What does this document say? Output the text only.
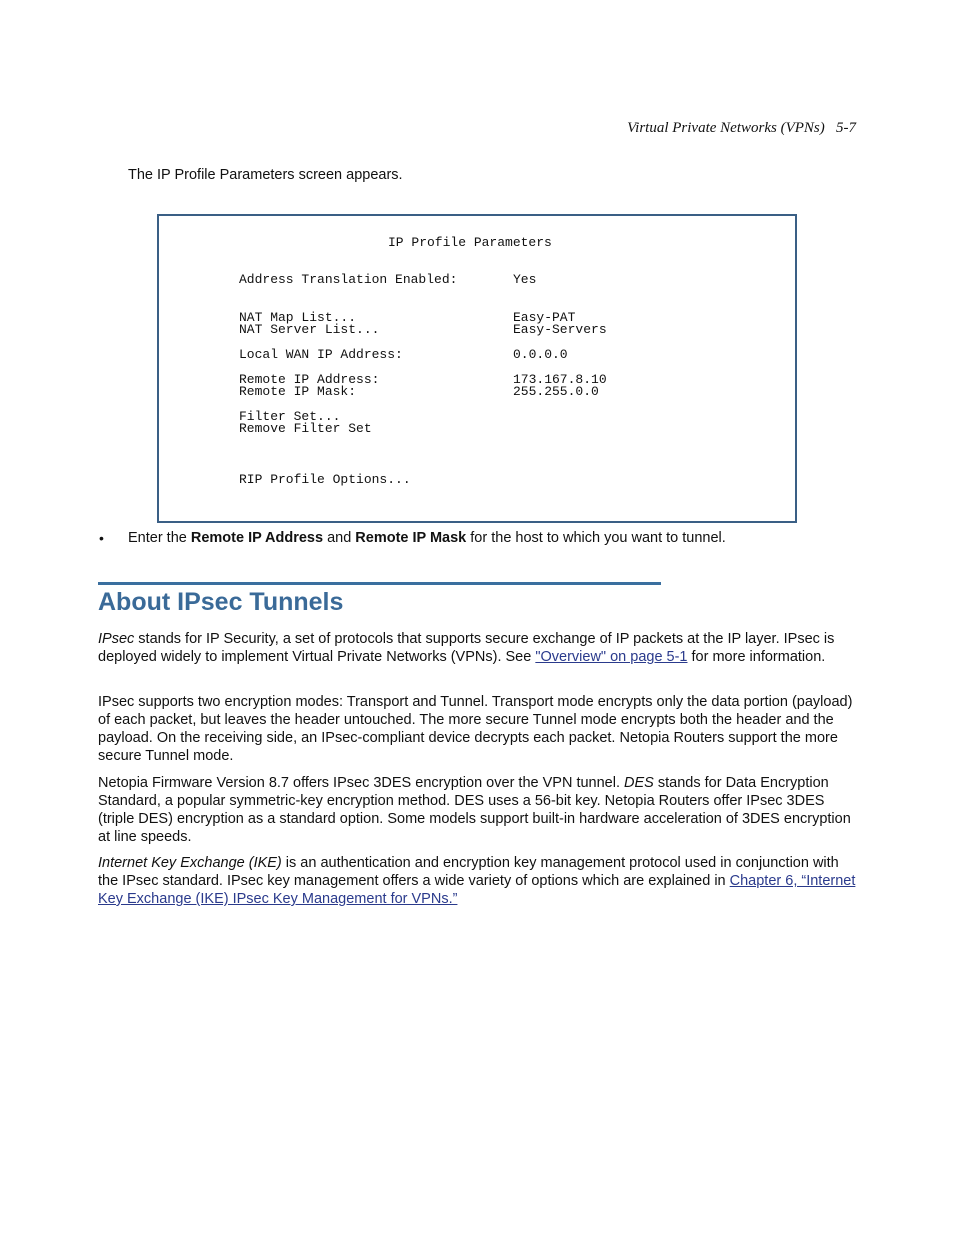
Virtual Private Networks (VPNs)   5-7
The IP Profile Parameters screen appears.
IP Profile Parameters
Address Translation Enabled:	Yes
NAT Map List...	Easy-PAT
NAT Server List...	Easy-Servers
Local WAN IP Address:	0.0.0.0
Remote IP Address:	173.167.8.10
Remote IP Mask:	255.255.0.0
Filter Set...
Remove Filter Set
RIP Profile Options...
• Enter the Remote IP Address and Remote IP Mask for the host to which you want to tunnel.
About IPsec Tunnels

IPsec stands for IP Security, a set of protocols that supports secure exchange of IP packets at the IP layer. IPsec is deployed widely to implement Virtual Private Networks (VPNs). See "Overview" on page 5-1 for more information.

IPsec supports two encryption modes: Transport and Tunnel. Transport mode encrypts only the data portion (payload) of each packet, but leaves the header untouched. The more secure Tunnel mode encrypts both the header and the payload. On the receiving side, an IPsec-compliant device decrypts each packet. Netopia Routers support the more secure Tunnel mode.

Netopia Firmware Version 8.7 offers IPsec 3DES encryption over the VPN tunnel. DES stands for Data Encryption Standard, a popular symmetric-key encryption method. DES uses a 56-bit key. Netopia Routers offer IPsec 3DES (triple DES) encryption as a standard option. Some models support built-in hardware acceleration of 3DES encryption at line speeds.

Internet Key Exchange (IKE) is an authentication and encryption key management protocol used in conjunction with the IPsec standard. IPsec key management offers a wide variety of options which are explained in Chapter 6, “Internet Key Exchange (IKE) IPsec Key Management for VPNs.”
